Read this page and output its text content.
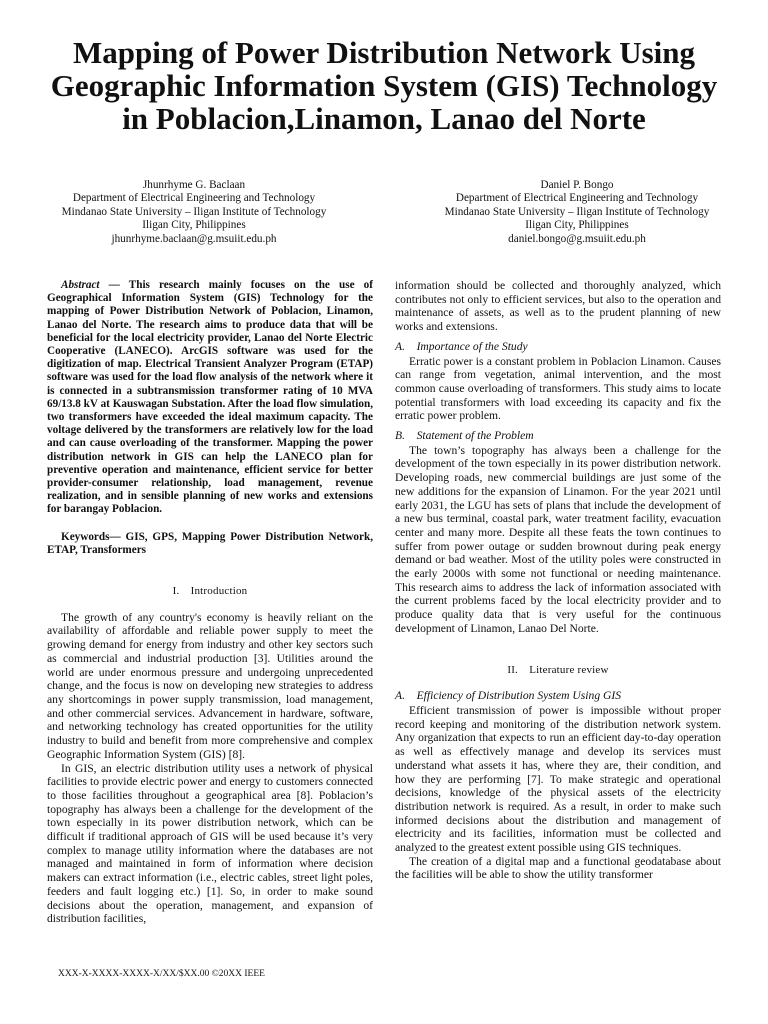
Mapping of Power Distribution Network Using Geographic Information System (GIS) Technology in Poblacion,Linamon, Lanao del Norte
Jhunrhyme G. Baclaan
Department of Electrical Engineering and Technology
Mindanao State University – Iligan Institute of Technology
Iligan City, Philippines
jhunrhyme.baclaan@g.msuiit.edu.ph
Daniel P. Bongo
Department of Electrical Engineering and Technology
Mindanao State University – Iligan Institute of Technology
Iligan City, Philippines
daniel.bongo@g.msuiit.edu.ph

Abstract — This research mainly focuses on the use of Geographical Information System (GIS) Technology for the mapping of Power Distribution Network of Poblacion, Linamon, Lanao del Norte. The research aims to produce data that will be beneficial for the local electricity provider, Lanao del Norte Electric Cooperative (LANECO). ArcGIS software was used for the digitization of map. Electrical Transient Analyzer Program (ETAP) software was used for the load flow analysis of the network where it is connected in a subtransmission transformer rating of 10 MVA 69/13.8 kV at Kauswagan Substation. After the load flow simulation, two transformers have exceeded the ideal maximum capacity. The voltage delivered by the transformers are relatively low for the load and can cause overloading of the transformer. Mapping the power distribution network in GIS can help the LANECO plan for preventive operation and maintenance, efficient service for better provider-consumer relationship, load management, revenue realization, and in sensible planning of new works and extensions for barangay Poblacion.

Keywords— GIS, GPS, Mapping Power Distribution Network, ETAP, Transformers

I. Introduction

The growth of any country's economy is heavily reliant on the availability of affordable and reliable power supply to meet the growing demand for energy from industry and other key sectors such as commercial and industrial production [3]. Utilities around the world are under enormous pressure and undergoing unprecedented change, and the focus is now on developing new strategies to address any shortcomings in power supply transmission, load management, and other commercial services. Advancement in hardware, software, and networking technology has created opportunities for the utility industry to build and benefit from more comprehensive and complex Geographic Information System (GIS) [8].

In GIS, an electric distribution utility uses a network of physical facilities to provide electric power and energy to customers connected to those facilities throughout a geographical area [8]. Poblacion’s topography has always been a challenge for the development of the town especially in its power distribution network, which can be difficult if traditional approach of GIS will be used because it’s very complex to manage utility information where the databases are not managed and maintained in form of information where decision makers can extract information (i.e., electric cables, street light poles, feeders and fault logging etc.) [1]. So, in order to make sound decisions about the operation, management, and expansion of distribution facilities,

information should be collected and thoroughly analyzed, which contributes not only to efficient services, but also to the operation and maintenance of assets, as well as to the prudent planning of new works and extensions.

A. Importance of the Study

Erratic power is a constant problem in Poblacion Linamon. Causes can range from vegetation, animal intervention, and the most common cause overloading of transformers. This study aims to locate potential transformers with load exceeding its capacity and fix the erratic power problem.

B. Statement of the Problem

The town’s topography has always been a challenge for the development of the town especially in its power distribution network. Developing roads, new commercial buildings are just some of the new additions for the expansion of Linamon. For the year 2021 until early 2031, the LGU has sets of plans that include the development of a new bus terminal, coastal park, water treatment facility, evacuation center and many more. Despite all these feats the town continues to suffer from power outage or sudden brownout during peak energy demand or bad weather. Most of the utility poles were constructed in the early 2000s with some not functional or needing maintenance. This research aims to address the lack of information associated with the current problems faced by the local electricity provider and to produce quality data that is very useful for the continuous development of Linamon, Lanao Del Norte.

II. Literature review
A. Efficiency of Distribution System Using GIS

Efficient transmission of power is impossible without proper record keeping and monitoring of the distribution network system. Any organization that expects to run an efficient day-to-day operation as well as effectively manage and develop its services must understand what assets it has, where they are, their condition, and how they are performing [7]. To make strategic and operational decisions, knowledge of the physical assets of the electricity distribution network is required. As a result, in order to make such informed decisions about the distribution and management of electricity and its facilities, information must be collected and analyzed to the greatest extent possible using GIS techniques.

The creation of a digital map and a functional geodatabase about the facilities will be able to show the utility transformer

XXX-X-XXXX-XXXX-X/XX/$XX.00 ©20XX IEEE
